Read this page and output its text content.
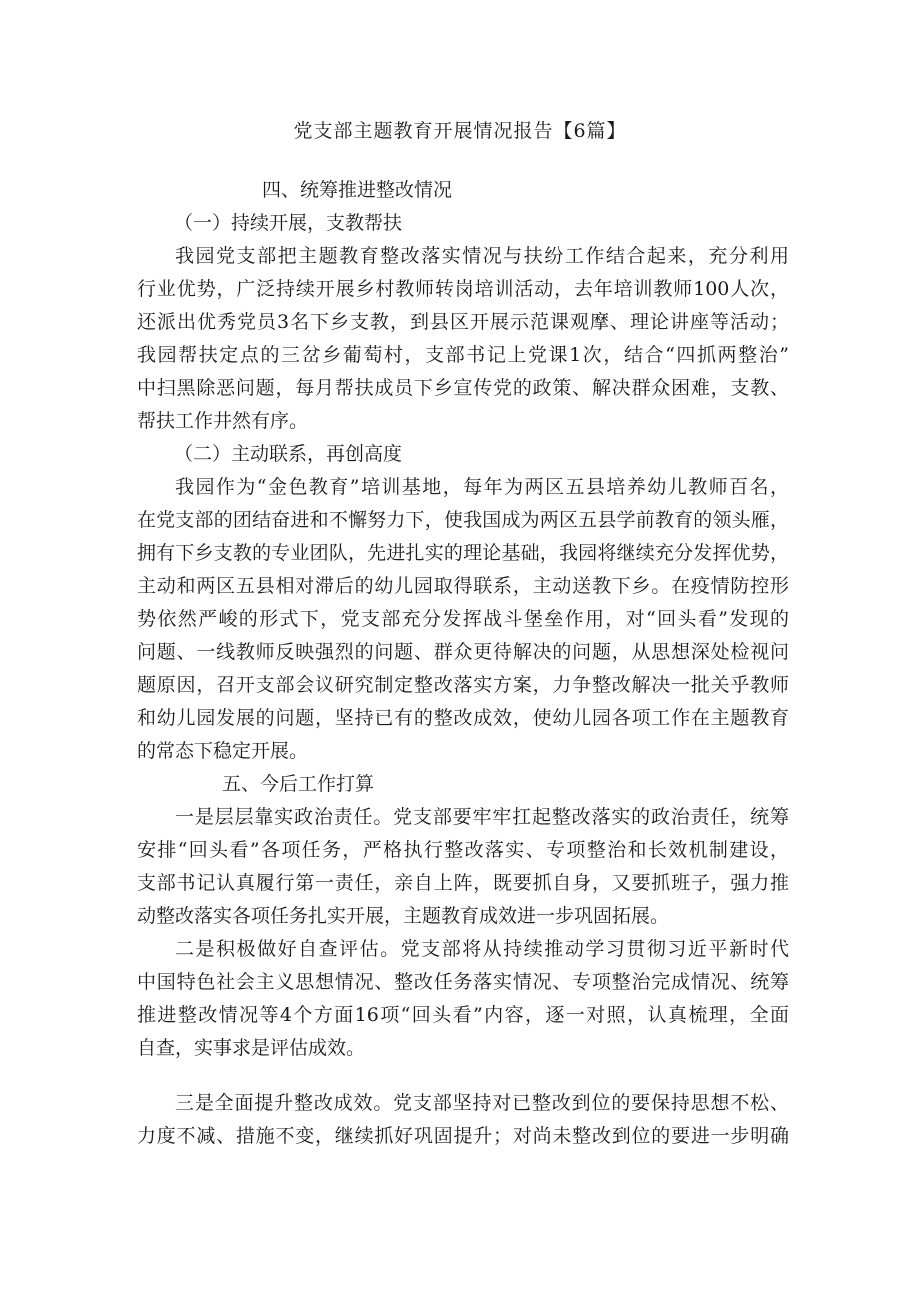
党支部主题教育开展情况报告【6篇】
四、统筹推进整改情况
（一）持续开展，支教帮扶
我园党支部把主题教育整改落实情况与扶纷工作结合起来，充分利用
行业优势，广泛持续开展乡村教师转岗培训活动，去年培训教师100人次，
还派出优秀党员3名下乡支教，到县区开展示范课观摩、理论讲座等活动；
我园帮扶定点的三岔乡葡萄村，支部书记上党课1次，结合“四抓两整治”
中扫黑除恶问题，每月帮扶成员下乡宣传党的政策、解决群众困难，支教、
帮扶工作井然有序。
（二）主动联系，再创高度
我园作为“金色教育”培训基地，每年为两区五县培养幼儿教师百名，
在党支部的团结奋进和不懈努力下，使我国成为两区五县学前教育的领头雁，
拥有下乡支教的专业团队，先进扎实的理论基础，我园将继续充分发挥优势，
主动和两区五县相对滞后的幼儿园取得联系，主动送教下乡。在疫情防控形
势依然严峻的形式下，党支部充分发挥战斗堡垒作用，对“回头看”发现的
问题、一线教师反映强烈的问题、群众更待解决的问题，从思想深处检视问
题原因，召开支部会议研究制定整改落实方案，力争整改解决一批关乎教师
和幼儿园发展的问题，坚持已有的整改成效，使幼儿园各项工作在主题教育
的常态下稳定开展。
五、今后工作打算
一是层层靠实政治责任。党支部要牢牢扛起整改落实的政治责任，统筹
安排“回头看”各项任务，严格执行整改落实、专项整治和长效机制建设，
支部书记认真履行第一责任，亲自上阵，既要抓自身，又要抓班子，强力推
动整改落实各项任务扎实开展，主题教育成效进一步巩固拓展。
二是积极做好自查评估。党支部将从持续推动学习贯彻习近平新时代
中国特色社会主义思想情况、整改任务落实情况、专项整治完成情况、统筹
推进整改情况等4个方面16项“回头看”内容，逐一对照，认真梳理，全面
自查，实事求是评估成效。
三是全面提升整改成效。党支部坚持对已整改到位的要保持思想不松、
力度不减、措施不变，继续抓好巩固提升；对尚未整改到位的要进一步明确
